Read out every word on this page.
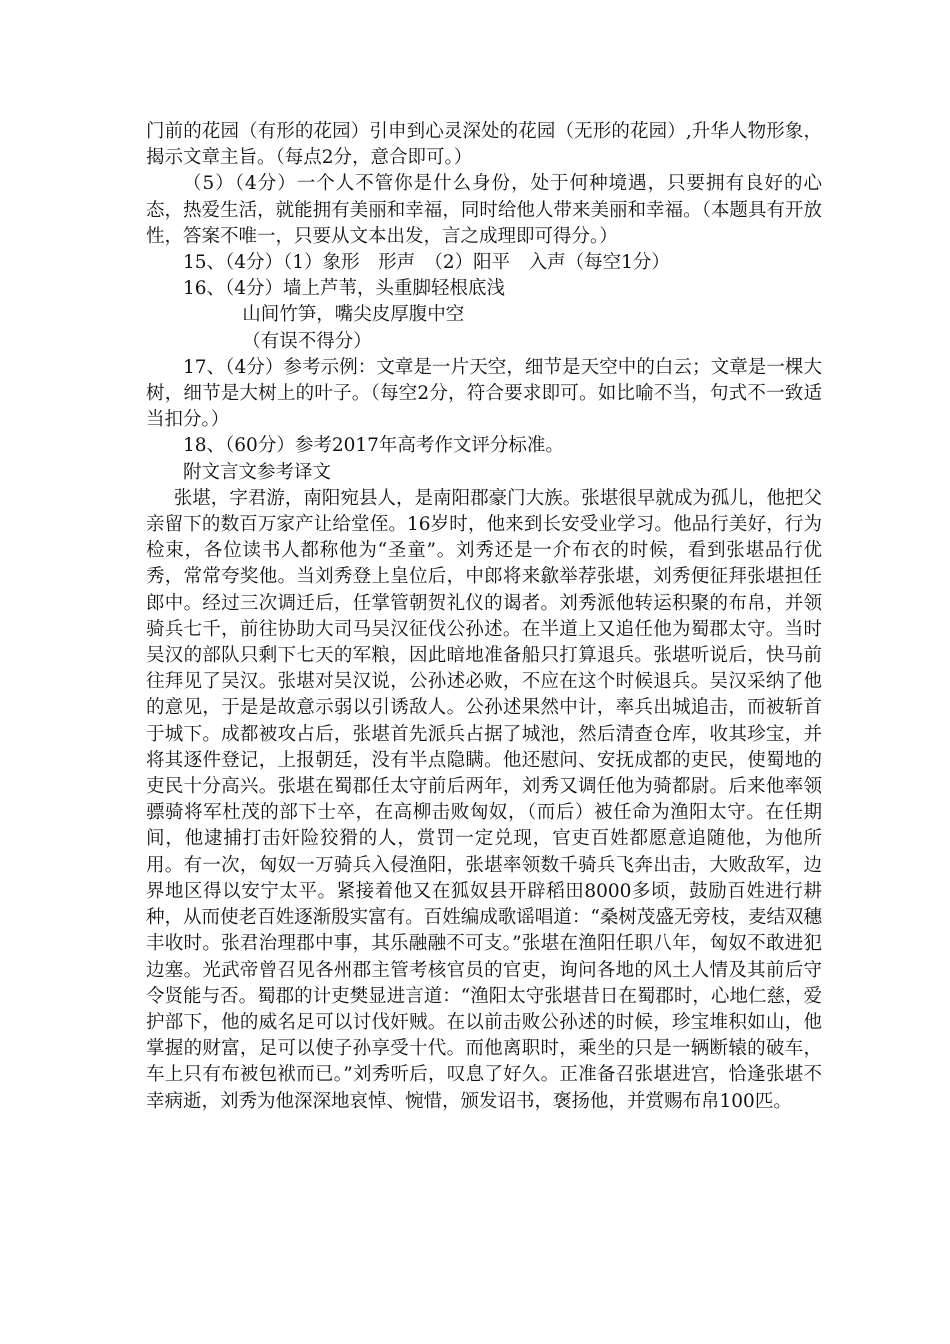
门前的花园（有形的花园）引申到心灵深处的花园（无形的花园）,升华人物形象，揭示文章主旨。（每点2分，意合即可。）

（5）（4分）一个人不管你是什么身份，处于何种境遇，只要拥有良好的心态，热爱生活，就能拥有美丽和幸福，同时给他人带来美丽和幸福。（本题具有开放性，答案不唯一，只要从文本出发，言之成理即可得分。）

15、（4分）（1）象形　形声　（2）阳平　入声（每空1分）

16、（4分）墙上芦苇，头重脚轻根底浅

山间竹笋，嘴尖皮厚腹中空

（有误不得分）

17、（4分）参考示例：文章是一片天空，细节是天空中的白云；文章是一棵大树，细节是大树上的叶子。（每空2分，符合要求即可。如比喻不当，句式不一致适当扣分。）

18、（60分）参考2017年高考作文评分标准。

附文言文参考译文

张堪，字君游，南阳宛县人，是南阳郡豪门大族。张堪很早就成为孤儿，他把父亲留下的数百万家产让给堂侄。16岁时，他来到长安受业学习。他品行美好，行为检束，各位读书人都称他为“圣童”。刘秀还是一介布衣的时候，看到张堪品行优秀，常常夸奖他。当刘秀登上皇位后，中郎将来歙举荐张堪，刘秀便征拜张堪担任郎中。经过三次调迁后，任掌管朝贺礼仪的谒者。刘秀派他转运积聚的布帛，并领骑兵七千，前往协助大司马吴汉征伐公孙述。在半道上又追任他为蜀郡太守。当时吴汉的部队只剩下七天的军粮，因此暗地准备船只打算退兵。张堪听说后，快马前往拜见了吴汉。张堪对吴汉说，公孙述必败，不应在这个时候退兵。吴汉采纳了他的意见，于是是故意示弱以引诱敌人。公孙述果然中计，率兵出城追击，而被斩首于城下。成都被攻占后，张堪首先派兵占据了城池，然后清查仓库，收其珍宝，并将其逐件登记，上报朝廷，没有半点隐瞒。他还慰问、安抚成都的吏民，使蜀地的吏民十分高兴。张堪在蜀郡任太守前后两年，刘秀又调任他为骑都尉。后来他率领骠骑将军杜茂的部下士卒，在高柳击败匈奴，（而后）被任命为渔阳太守。在任期间，他逮捕打击奸险狡猾的人，赏罚一定兑现，官吏百姓都愿意追随他，为他所用。有一次，匈奴一万骑兵入侵渔阳，张堪率领数千骑兵飞奔出击，大败敌军，边界地区得以安宁太平。紧接着他又在狐奴县开辟稻田8000多顷，鼓励百姓进行耕种，从而使老百姓逐渐殷实富有。百姓编成歌谣唱道：“桑树茂盛无旁枝，麦结双穗丰收时。张君治理郡中事，其乐融融不可支。”张堪在渔阳任职八年，匈奴不敢进犯边塞。光武帝曾召见各州郡主管考核官员的官吏，询问各地的风土人情及其前后守令贤能与否。蜀郡的计吏樊显进言道：“渔阳太守张堪昔日在蜀郡时，心地仁慈，爱护部下，他的威名足可以讨伐奸贼。在以前击败公孙述的时候，珍宝堆积如山，他掌握的财富，足可以使子孙享受十代。而他离职时，乘坐的只是一辆断辕的破车，车上只有布被包袱而已。”刘秀听后，叹息了好久。正准备召张堪进宫，恰逢张堪不幸病逝，刘秀为他深深地哀悼、惋惜，颁发诏书，褒扬他，并赏赐布帛100匹。
